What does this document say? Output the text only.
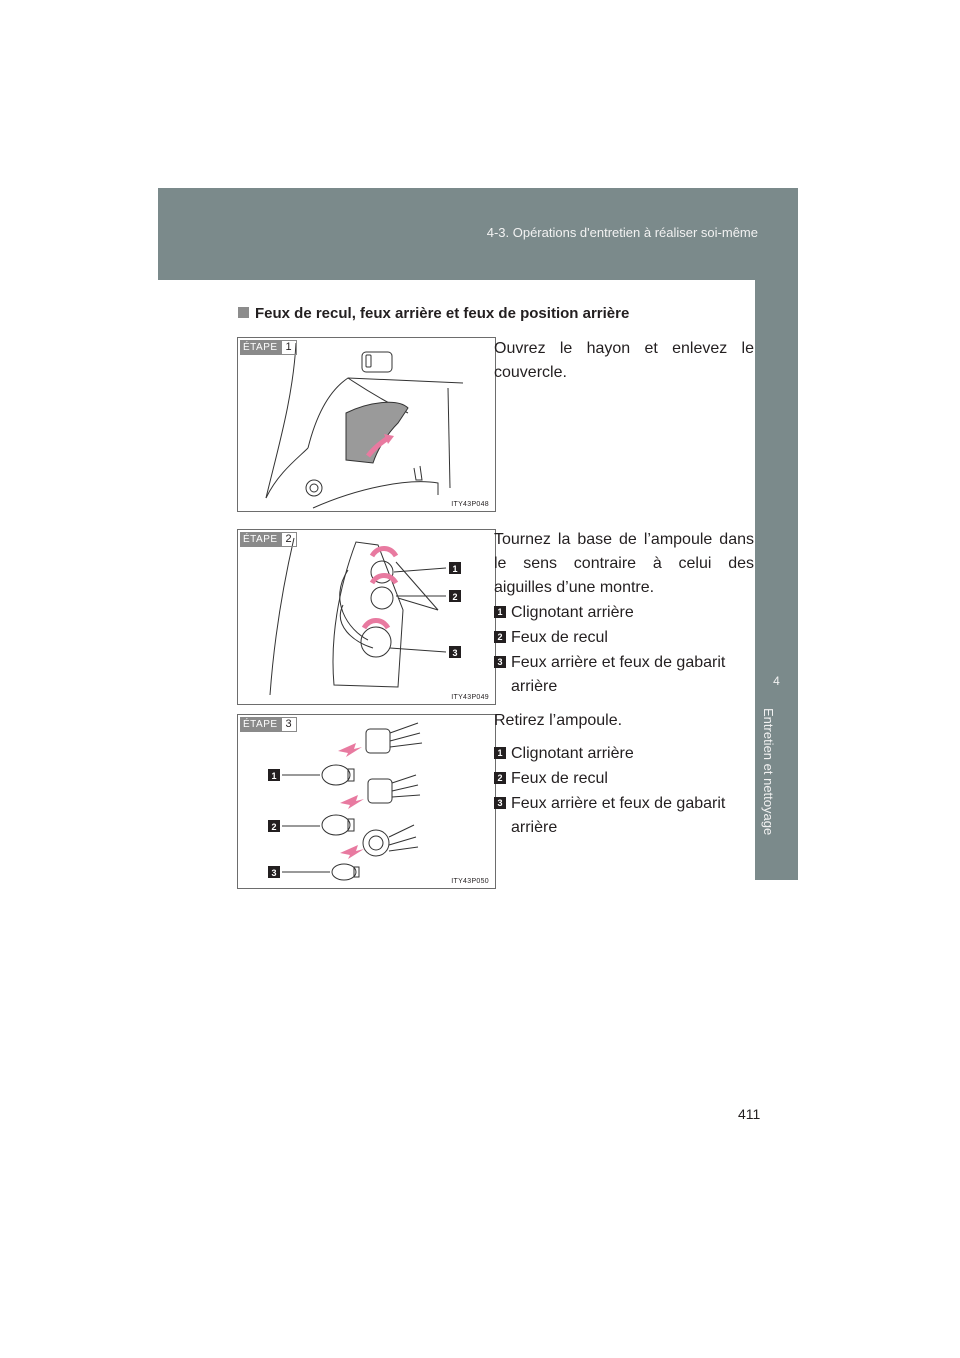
4-3. Opérations d'entretien à réaliser soi-même
4
Entretien et nettoyage
Feux de recul, feux arrière et feux de position arrière
ÉTAPE 1
ITY43P048
Ouvrez le hayon et enlevez le couvercle.
1
2
3
ÉTAPE 2
ITY43P049
Tournez la base de l’ampoule dans le sens contraire à celui des aiguilles d’une montre.
1 Clignotant arrière
2 Feux de recul
3 Feux arrière et feux de gabarit arrière
1
2
3
ÉTAPE 3
ITY43P050
Retirez l’ampoule.
1 Clignotant arrière
2 Feux de recul
3 Feux arrière et feux de gabarit arrière
411
